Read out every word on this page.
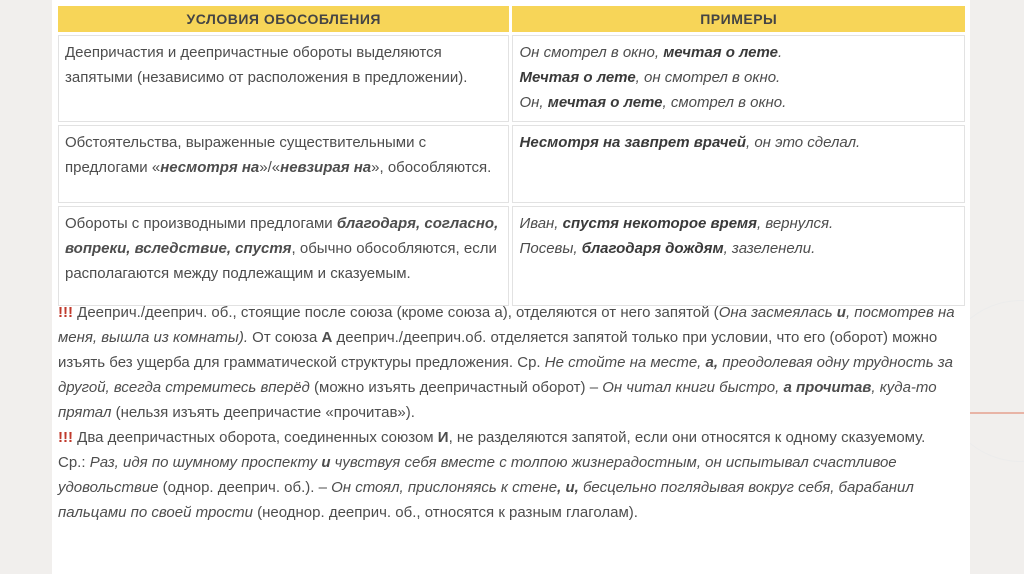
УСЛОВИЯ ОБОСОБЛЕНИЯ	ПРИМЕРЫ
Деепричастия и деепричастные обороты выделяются запятыми (независимо от расположения в предложении).	Он смотрел в окно, мечтая о лете.
Мечтая о лете, он смотрел в окно.
Он, мечтая о лете, смотрел в окно.

Обстоятельства, выраженные существительными с предлогами «несмотря на»/«невзирая на», обособляются.	Несмотря на завпрет врачей, он это сделал.

Обороты с производными предлогами благодаря, согласно, вопреки, вследствие, спустя, обычно обособляются, если располагаются между подлежащим и сказуемым.	Иван, спустя некоторое время, вернулся.
Посевы, благодаря дождям, зазеленели.

!!! Дееприч./дееприч. об., стоящие после союза (кроме союза а), отделяются от него запятой (Она засмеялась и, посмотрев на меня, вышла из комнаты). От союза А дееприч./дееприч.об. отделяется запятой только при условии, что его (оборот) можно изъять без ущерба для грамматической структуры предложения. Ср. Не стойте на месте, а, преодолевая одну трудность за другой, всегда стремитесь вперёд (можно изъять деепричастный оборот) – Он читал книги быстро, а прочитав, куда-то прятал (нельзя изъять деепричастие «прочитав»).

!!! Два деепричастных оборота, соединенных союзом И, не разделяются запятой, если они относятся к одному сказуемому.

Ср.: Раз, идя по шумному проспекту и чувствуя себя вместе с толпою жизнерадостным, он испытывал счастливое удовольствие (однор. дееприч. об.). – Он стоял, прислоняясь к стене, и, бесцельно поглядывая вокруг себя, барабанил пальцами по своей трости (неоднор. дееприч. об., относятся к разным глаголам).
